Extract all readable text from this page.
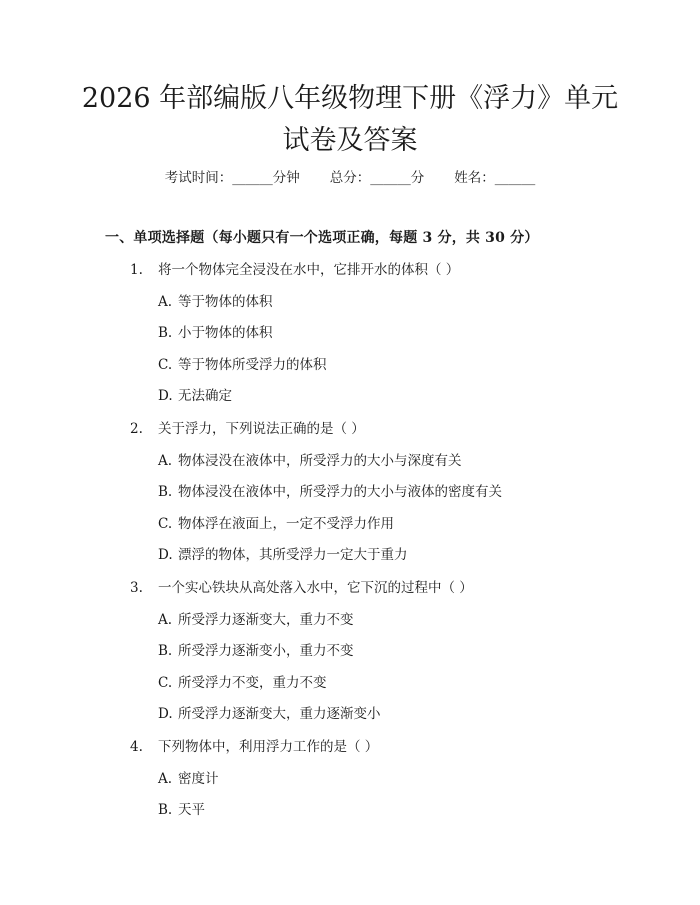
2026 年部编版八年级物理下册《浮力》单元
试卷及答案
考试时间：______分钟 总分：______分 姓名：______
一、单项选择题（每小题只有一个选项正确，每题 3 分，共 30 分）
1. 将一个物体完全浸没在水中，它排开水的体积（ ）
A. 等于物体的体积
B. 小于物体的体积
C. 等于物体所受浮力的体积
D. 无法确定
2. 关于浮力，下列说法正确的是（ ）
A. 物体浸没在液体中，所受浮力的大小与深度有关
B. 物体浸没在液体中，所受浮力的大小与液体的密度有关
C. 物体浮在液面上，一定不受浮力作用
D. 漂浮的物体，其所受浮力一定大于重力
3. 一个实心铁块从高处落入水中，它下沉的过程中（ ）
A. 所受浮力逐渐变大，重力不变
B. 所受浮力逐渐变小，重力不变
C. 所受浮力不变，重力不变
D. 所受浮力逐渐变大，重力逐渐变小
4. 下列物体中，利用浮力工作的是（ ）
A. 密度计
B. 天平
